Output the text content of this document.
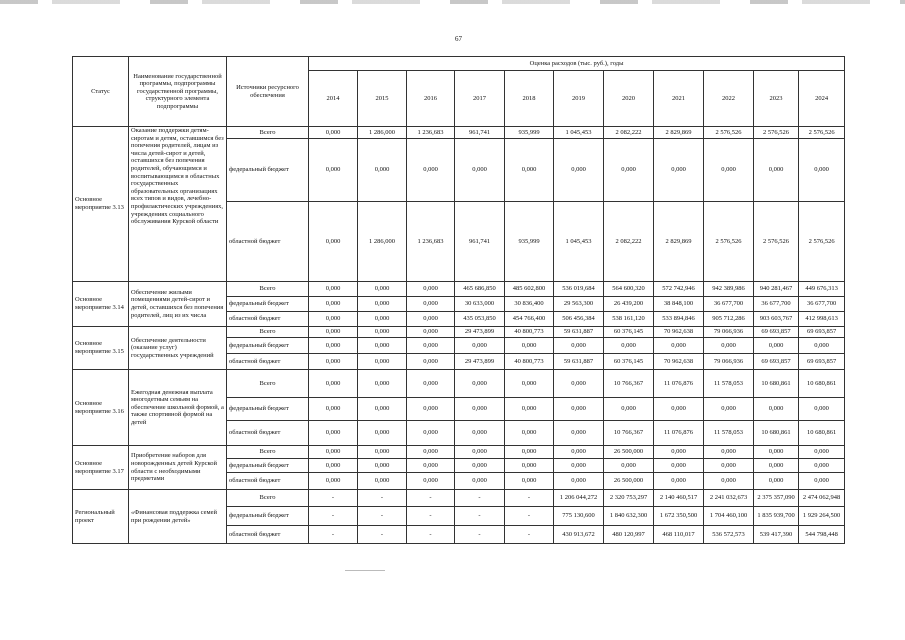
67
Статус	Наименование государственной программы, подпрограммы государственной программы, структурного элемента подпрограммы	Источники ресурсного обеспечения	Оценка расходов (тыс. руб.), годы										
			2014	2015	2016	2017	2018	2019	2020	2021	2022	2023	2024
Основное мероприятие 3.13	Оказание поддержки детям-сиротам и детям, оставшимся без попечения родителей, лицам из числа детей-сирот и детей, оставшихся без попечения родителей, обучающимся и воспитывающимся в областных государственных образовательных организациях всех типов и видов, лечебно-профилактических учреждениях, учреждениях социального обслуживания Курской области	Всего	0,000	1 286,000	1 236,683	961,741	935,999	1 045,453	2 082,222	2 829,869	2 576,526	2 576,526	2 576,526
		федеральный бюджет	0,000	0,000	0,000	0,000	0,000	0,000	0,000	0,000	0,000	0,000	0,000
		областной бюджет	0,000	1 286,000	1 236,683	961,741	935,999	1 045,453	2 082,222	2 829,869	2 576,526	2 576,526	2 576,526
Основное мероприятие 3.14	Обеспечение жилыми помещениями детей-сирот и детей, оставшихся без попечения родителей, лиц из их числа	Всего	0,000	0,000	0,000	465 686,850	485 602,800	536 019,684	564 600,320	572 742,946	942 389,986	940 281,467	449 676,313
		федеральный бюджет	0,000	0,000	0,000	30 633,000	30 836,400	29 563,300	26 439,200	38 848,100	36 677,700	36 677,700	36 677,700
		областной бюджет	0,000	0,000	0,000	435 053,850	454 766,400	506 456,384	538 161,120	533 894,846	905 712,286	903 603,767	412 998,613
Основное мероприятие 3.15	Обеспечение деятельности (оказание услуг) государственных учреждений	Всего	0,000	0,000	0,000	29 473,899	40 800,773	59 631,887	60 376,145	70 962,638	79 066,936	69 693,857	69 693,857
		федеральный бюджет	0,000	0,000	0,000	0,000	0,000	0,000	0,000	0,000	0,000	0,000	0,000
		областной бюджет	0,000	0,000	0,000	29 473,899	40 800,773	59 631,887	60 376,145	70 962,638	79 066,936	69 693,857	69 693,857
Основное мероприятие 3.16	Ежегодная денежная выплата многодетным семьям на обеспечение школьной формой, а также спортивной формой на детей	Всего	0,000	0,000	0,000	0,000	0,000	0,000	10 766,367	11 076,876	11 578,053	10 680,861	10 680,861
		федеральный бюджет	0,000	0,000	0,000	0,000	0,000	0,000	0,000	0,000	0,000	0,000	0,000
		областной бюджет	0,000	0,000	0,000	0,000	0,000	0,000	10 766,367	11 076,876	11 578,053	10 680,861	10 680,861
Основное мероприятие 3.17	Приобретение наборов для новорожденных детей Курской области с необходимыми предметами	Всего	0,000	0,000	0,000	0,000	0,000	0,000	26 500,000	0,000	0,000	0,000	0,000
		федеральный бюджет	0,000	0,000	0,000	0,000	0,000	0,000	0,000	0,000	0,000	0,000	0,000
		областной бюджет	0,000	0,000	0,000	0,000	0,000	0,000	26 500,000	0,000	0,000	0,000	0,000
Региональный проект	«Финансовая поддержка семей при рождении детей»	Всего	-	-	-	-	-	1 206 044,272	2 320 753,297	2 140 460,517	2 241 032,673	2 375 357,090	2 474 062,948
		федеральный бюджет	-	-	-	-	-	775 130,600	1 840 632,300	1 672 350,500	1 704 460,100	1 835 939,700	1 929 264,500
		областной бюджет	-	-	-	-	-	430 913,672	480 120,997	468 110,017	536 572,573	539 417,390	544 798,448
